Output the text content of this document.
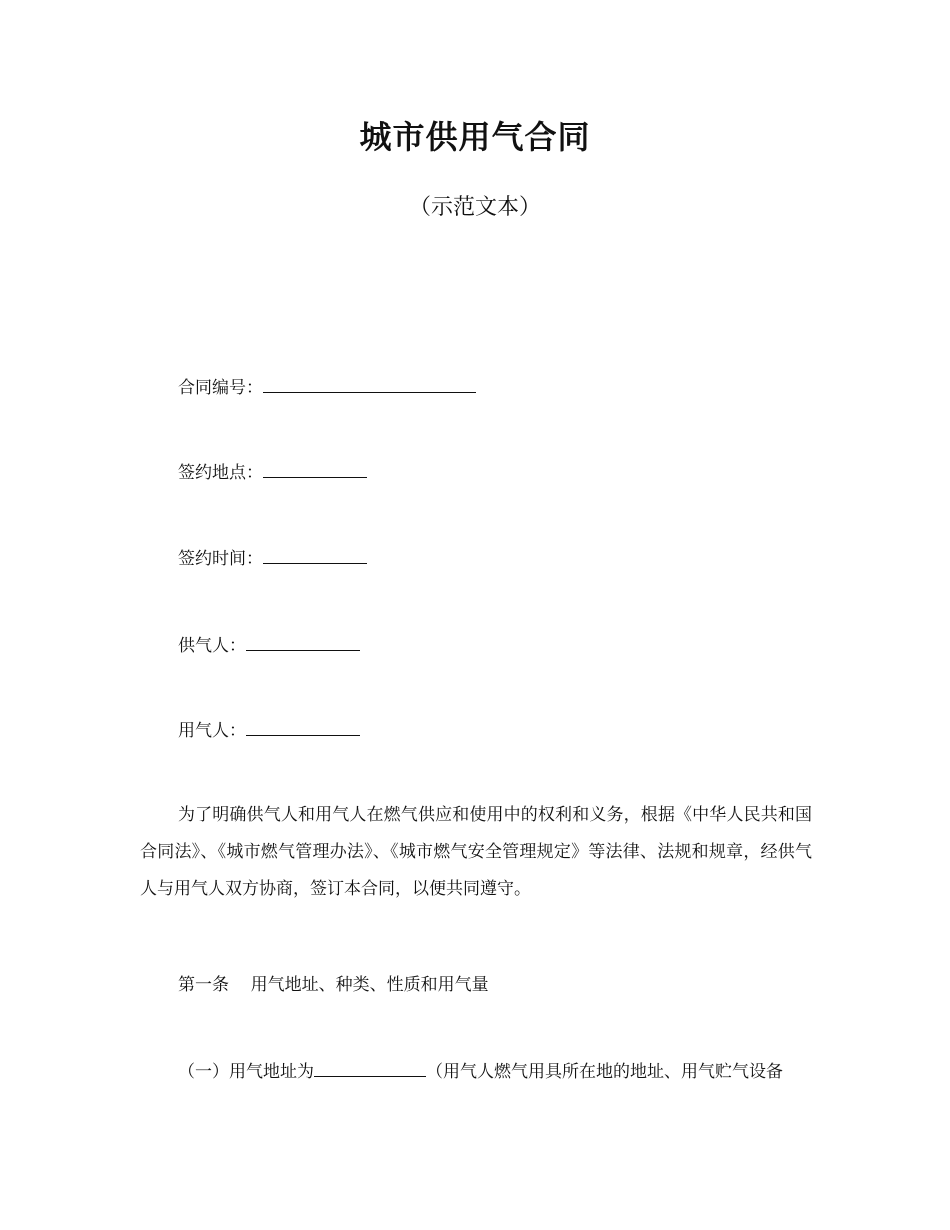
城市供用气合同
（示范文本）
合同编号：
签约地点：
签约时间：
供气人：
用气人：
为了明确供气人和用气人在燃气供应和使用中的权利和义务，根据《中华人民共和国合同法》、《城市燃气管理办法》、《城市燃气安全管理规定》等法律、法规和规章，经供气人与用气人双方协商，签订本合同，以便共同遵守。
第一条 用气地址、种类、性质和用气量
（一）用气地址为	（用气人燃气用具所在地的地址、用气贮气设备
